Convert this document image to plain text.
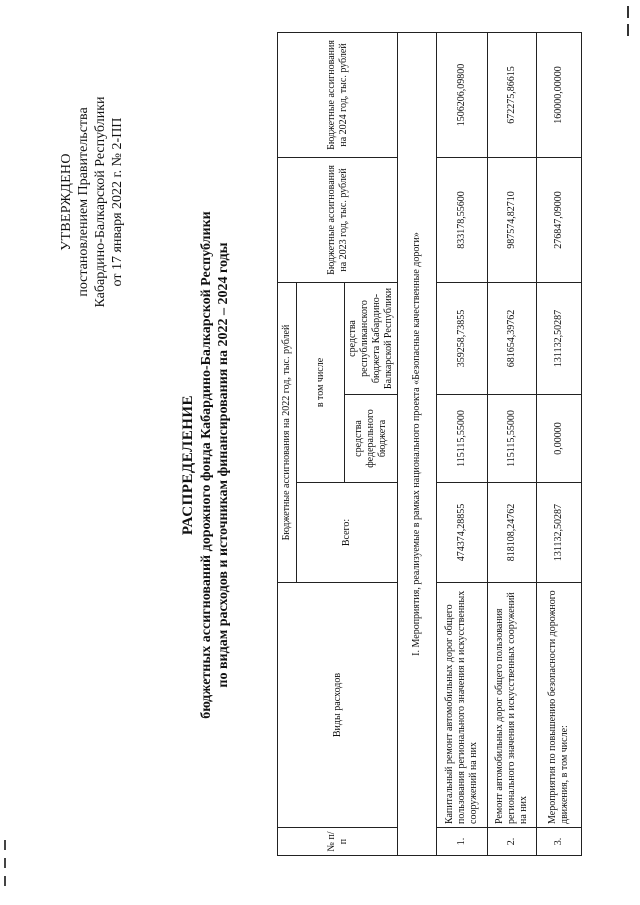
УТВЕРЖДЕНО постановлением Правительства Кабардино-Балкарской Республики от 17 января 2022 г. № 2-ПП
РАСПРЕДЕЛЕНИЕ бюджетных ассигнований дорожного фонда Кабардино-Балкарской Республики по видам расходов и источникам финансирования на 2022 – 2024 годы
№ п/п	Виды расходов	Бюджетные ассигнования на 2022 год, тыс. рублей			Бюджетные ассигнования на 2023 год, тыс. рублей	Бюджетные ассигнования на 2024 год, тыс. рублей
		Всего:	в том числе			
			средства федерального бюджета	средства республиканского бюджета Кабардино-Балкарской Республики		
I. Мероприятия, реализуемые в рамках национального проекта «Безопасные качественные дороги»						
1.	Капитальный ремонт автомобильных дорог общего пользования регионального значения и искусственных сооружений на них	474374,28855	115115,55000	359258,73855	833178,55600	1506206,09800
2.	Ремонт автомобильных дорог общего пользования регионального значения и искусственных сооружений на них	818108,24762	115115,55000	681654,39762	987574,82710	672275,86615
3.	Мероприятия по повышению безопасности дорожного движения, в том числе:	131132,50287	0,00000	131132,50287	276847,09000	160000,00000
